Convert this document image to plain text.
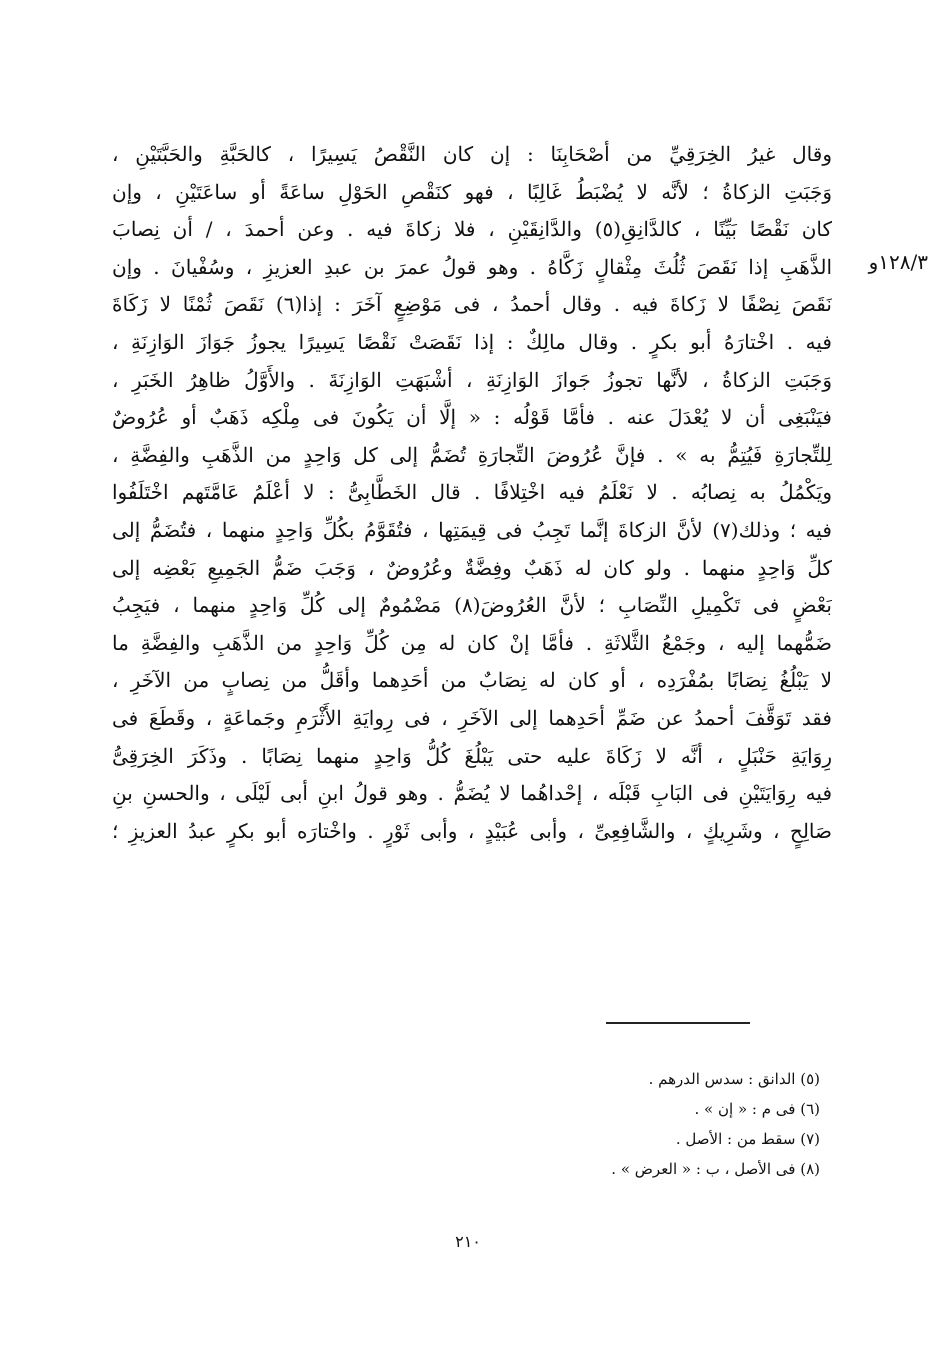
١٢٨/٣و
وقال غيرُ الخِرَقِيِّ من أصْحَابِنَا : إن كان النَّقْصُ يَسِيرًا ، كالحَبَّةِ والحَبَّتَيْنِ ،
وَجَبَتِ الزكاةُ ؛ لأنَّه لا يُضْبَطُ غَالِبًا ، فهو كنَقْصِ الحَوْلِ ساعَةً أو ساعَتَيْنِ ، وإن
كان نَقْصًا بَيِّنًا ، كالدَّانِقِ(٥) والدَّانِقَيْنِ ، فلا زكاةَ فيه . وعن أحمدَ ، / أن نِصابَ
الذَّهَبِ إذا نَقَصَ ثُلُثَ مِثْقالٍ زَكَّاهُ . وهو قولُ عمرَ بن عبدِ العزيزِ ، وسُفْيانَ . وإن
نَقَصَ نِصْفًا لا زَكاةَ فيه . وقال أحمدُ ، فى مَوْضِعٍ آخَرَ : إذا(٦) نَقَصَ ثُمْنًا لا زَكَاةَ
فيه . اخْتارَهُ أبو بكرٍ . وقال مالِكٌ : إذا نَقَصَتْ نَقْصًا يَسِيرًا يجوزُ جَوَازَ الوَازِنَةِ ،
وَجَبَتِ الزكاةُ ، لأنَّها تجوزُ جَوازَ الوَازِنَةِ ، أشْبَهَتِ الوَازِنَةَ . والأَوَّلُ ظاهِرُ الخَبَرِ ،
فيَنْبَغِى أن لا يُعْدَلَ عنه . فأمَّا قَوْلُه : « إلَّا أن يَكُونَ فى مِلْكِه ذَهَبٌ أو عُرُوضٌ
لِلتِّجارَةِ فَيُتِمُّ به » . فإنَّ عُرُوضَ التِّجارَةِ تُضَمُّ إلى كل وَاحِدٍ من الذَّهَبِ والفِضَّةِ ،
ويَكْمُلُ به نِصابُه . لا نَعْلَمُ فيه اخْتِلافًا . قال الخَطَّابِىُّ : لا أعْلَمُ عَامَّتَهم اخْتَلَفُوا
فيه ؛ وذلك(٧) لأنَّ الزكاةَ إنَّما تَجِبُ فى قِيمَتِها ، فتُقَوَّمُ بكُلِّ وَاحِدٍ منهما ، فتُضَمُّ إلى
كلِّ وَاحِدٍ منهما . ولو كان له ذَهَبٌ وفِضَّةٌ وعُرُوضٌ ، وَجَبَ ضَمُّ الجَمِيعِ بَعْضِه إلى
بَعْضٍ فى تَكْمِيلِ النِّصَابِ ؛ لأنَّ العُرُوضَ(٨) مَضْمُومٌ إلى كُلِّ وَاحِدٍ منهما ، فيَجِبُ
ضَمُّهما إليه ، وجَمْعُ الثَّلاثَةِ . فأمَّا إنْ كان له مِن كُلِّ وَاحِدٍ من الذَّهَبِ والفِضَّةِ ما
لا يَبْلُغُ نِصَابًا بمُفْرَدِه ، أو كان له نِصَابٌ من أحَدِهما وأقَلُّ من نِصابٍ من الآخَرِ ،
فقد تَوَقَّفَ أحمدُ عن ضَمِّ أحَدِهما إلى الآخَرِ ، فى رِوايَةِ الأَثْرَمِ وجَماعَةٍ ، وقَطَعَ فى
رِوَايَةِ حَنْبَلٍ ، أنَّه لا زَكَاةَ عليه حتى يَبْلُغَ كُلُّ وَاحِدٍ منهما نِصَابًا . وذَكَرَ الخِرَقِىُّ
فيه رِوَايَتَيْنِ فى البَابِ قَبْلَه ، إحْداهُما لا يُضَمُّ . وهو قولُ ابنِ أبى لَيْلَى ، والحسنِ بنِ
صَالِحٍ ، وشَرِيكٍ ، والشَّافِعِىِّ ، وأبى عُبَيْدٍ ، وأبى ثَوْرٍ . واخْتارَه أبو بكرٍ عبدُ العزيزِ ؛
(٥) الدانق : سدس الدرهم .
(٦) فى م : « إن » .
(٧) سقط من : الأصل .
(٨) فى الأصل ، ب : « العرض » .
٢١٠
